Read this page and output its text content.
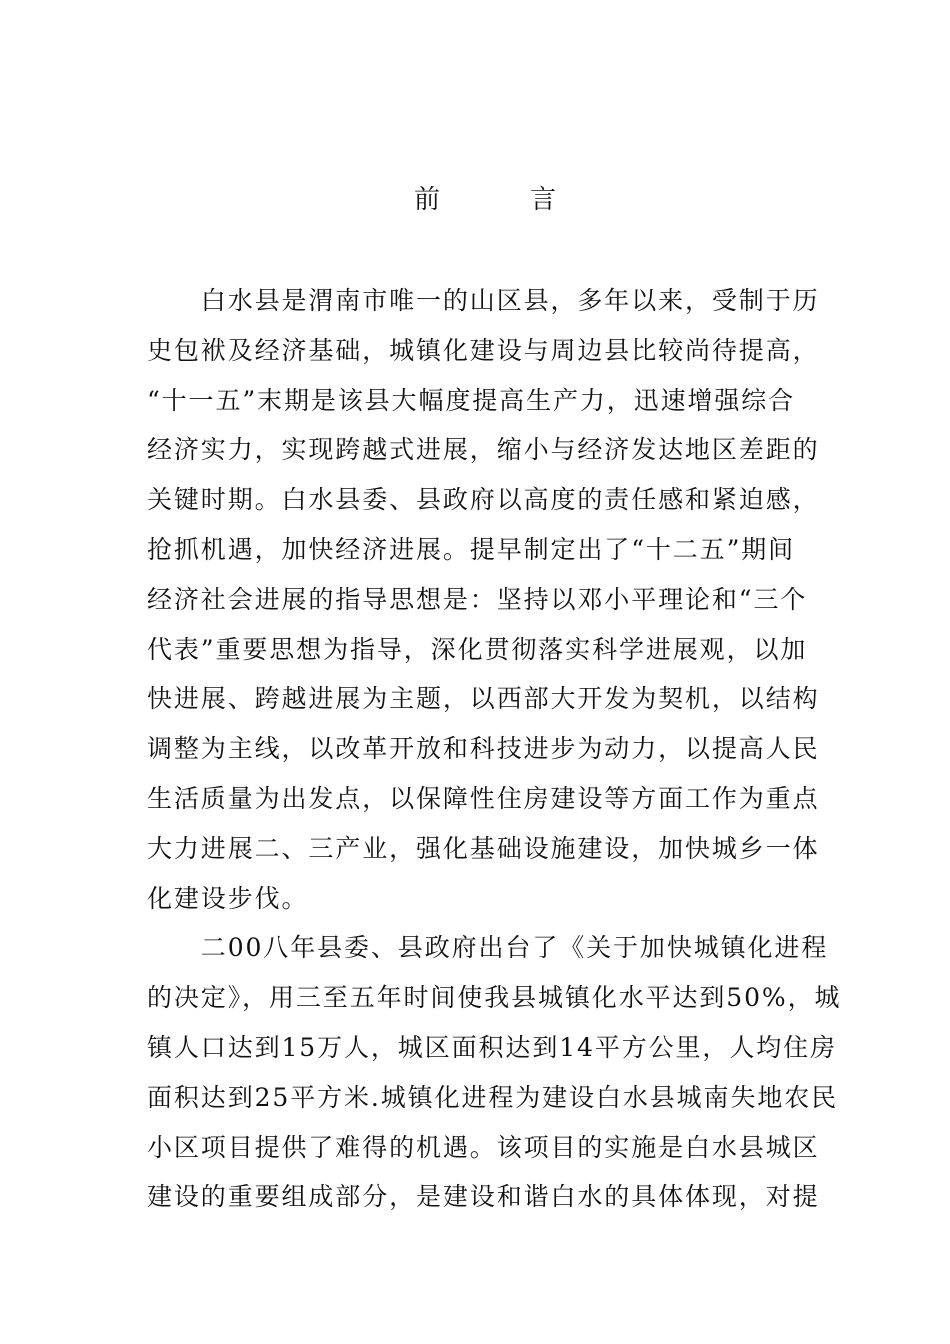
前	言
　　白水县是渭南市唯一的山区县，多年以来，受制于历
史包袱及经济基础，城镇化建设与周边县比较尚待提高，
“十一五”末期是该县大幅度提高生产力，迅速增强综合
经济实力，实现跨越式进展，缩小与经济发达地区差距的
关键时期。白水县委、县政府以高度的责任感和紧迫感，
抢抓机遇，加快经济进展。提早制定出了“十二五”期间
经济社会进展的指导思想是：坚持以邓小平理论和“三个
代表”重要思想为指导，深化贯彻落实科学进展观，以加
快进展、跨越进展为主题，以西部大开发为契机，以结构
调整为主线，以改革开放和科技进步为动力，以提高人民
生活质量为出发点，以保障性住房建设等方面工作为重点
大力进展二、三产业，强化基础设施建设，加快城乡一体
化建设步伐。
　　二00八年县委、县政府出台了《关于加快城镇化进程
的决定》，用三至五年时间使我县城镇化水平达到50%，城
镇人口达到15万人，城区面积达到14平方公里，人均住房
面积达到25平方米.城镇化进程为建设白水县城南失地农民
小区项目提供了难得的机遇。该项目的实施是白水县城区
建设的重要组成部分，是建设和谐白水的具体体现，对提
